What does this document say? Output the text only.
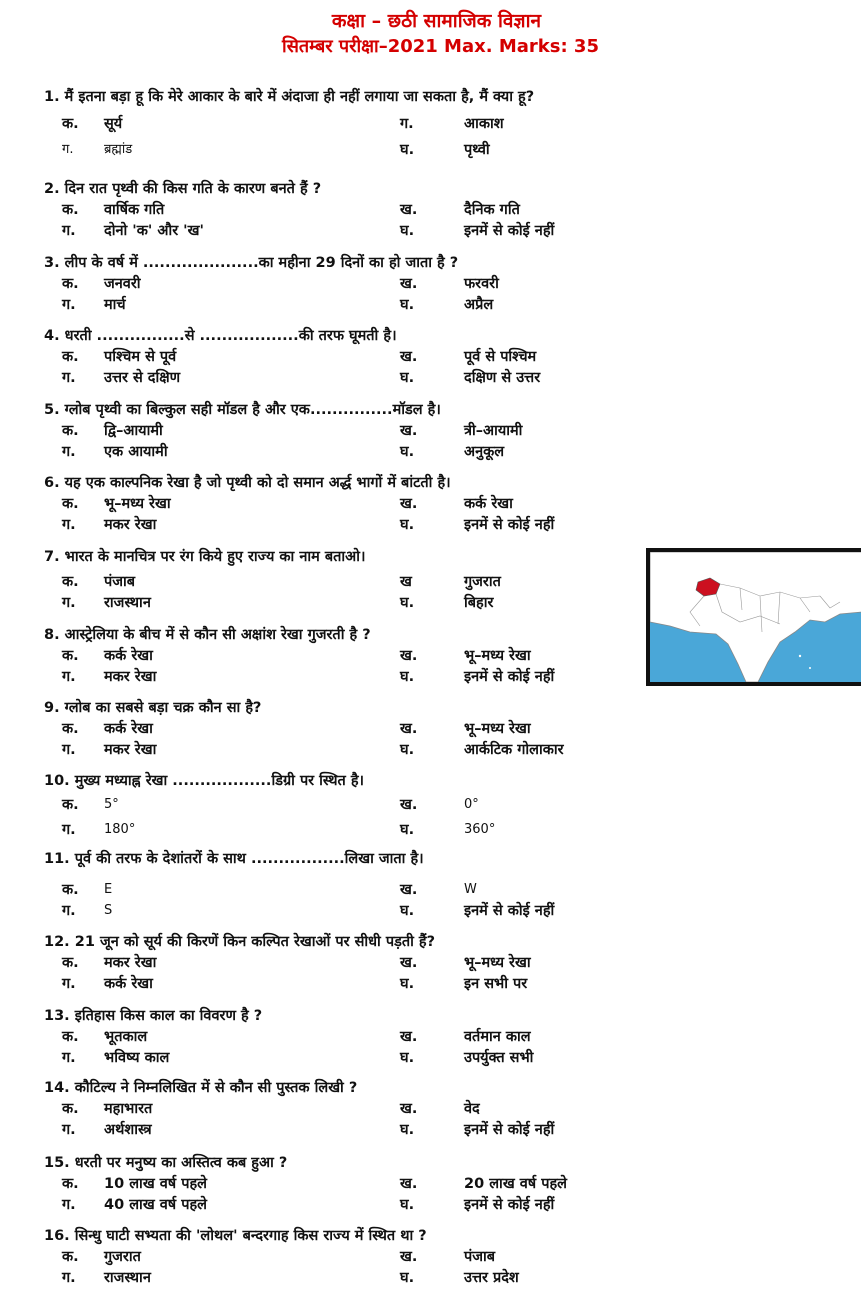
कक्षा – छठी सामाजिक विज्ञान
सितम्बर परीक्षा–2021 Max. Marks: 35
1. मैं इतना बड़ा हू कि मेरे आकार के बारे में अंदाजा ही नहीं लगाया जा सकता है, मैं क्या हू?
क. सूर्य	ग.	आकाश
ग. ब्रह्मांड	घ.	पृथ्वी
2. दिन रात पृथ्वी की किस गति के कारण बनते हैं ?
क. वार्षिक गति	ख.	दैनिक गति
ग. दोनो 'क' और 'ख'	घ.	इनमें से कोई नहीं
3. लीप के वर्ष में .....................का महीना 29 दिनों का हो जाता है ?
क. जनवरी	ख.	फरवरी
ग. मार्च	घ.	अप्रैल
4. धरती ................से ..................की तरफ घूमती है।
क. पश्चिम से पूर्व	ख.	पूर्व से पश्चिम
ग. उत्तर से दक्षिण	घ.	दक्षिण से उत्तर
5. ग्लोब पृथ्वी का बिल्कुल सही मॉडल है और एक...............मॉडल है।
क. द्वि–आयामी	ख.	त्री–आयामी
ग. एक आयामी	घ.	अनुकूल
6. यह एक काल्पनिक रेखा है जो पृथ्वी को दो समान अर्द्ध भागों में बांटती है।
क. भू–मध्य रेखा	ख.	कर्क रेखा
ग. मकर रेखा	घ.	इनमें से कोई नहीं
7. भारत के मानचित्र पर रंग किये हुए राज्य का नाम बताओ।
क. पंजाब	ख	गुजरात
ग. राजस्थान	घ.	बिहार
8. आस्ट्रेलिया के बीच में से कौन सी अक्षांश रेखा गुजरती है ?
क. कर्क रेखा	ख.	भू–मध्य रेखा
ग. मकर रेखा	घ.	इनमें से कोई नहीं
9. ग्लोब का सबसे बड़ा चक्र कौन सा है?
क. कर्क रेखा	ख.	भू–मध्य रेखा
ग. मकर रेखा	घ.	आर्कटिक गोलाकार
10. मुख्य मध्याह्न रेखा ..................डिग्री पर स्थित है।
क. 5°	ख.	0°
ग. 180°	घ.	360°
11. पूर्व की तरफ के देशांतरों के साथ .................लिखा जाता है।
क. E	ख.	W
ग. S	घ.	इनमें से कोई नहीं
12. 21 जून को सूर्य की किरणें किन कल्पित रेखाओं पर सीधी पड़ती हैं?
क. मकर रेखा	ख.	भू–मध्य रेखा
ग. कर्क रेखा	घ.	इन सभी पर
13. इतिहास किस काल का विवरण है ?
क. भूतकाल	ख.	वर्तमान काल
ग. भविष्य काल	घ.	उपर्युक्त सभी
14. कौटिल्य ने निम्नलिखित में से कौन सी पुस्तक लिखी ?
क. महाभारत	ख.	वेद
ग. अर्थशास्त्र	घ.	इनमें से कोई नहीं
15. धरती पर मनुष्य का अस्तित्व कब हुआ ?
क. 10 लाख वर्ष पहले	ख.	20 लाख वर्ष पहले
ग. 40 लाख वर्ष पहले	घ.	इनमें से कोई नहीं
16. सिन्धु घाटी सभ्यता की 'लोथल' बन्दरगाह किस राज्य में स्थित था ?
क. गुजरात	ख.	पंजाब
ग. राजस्थान	घ.	उत्तर प्रदेश
